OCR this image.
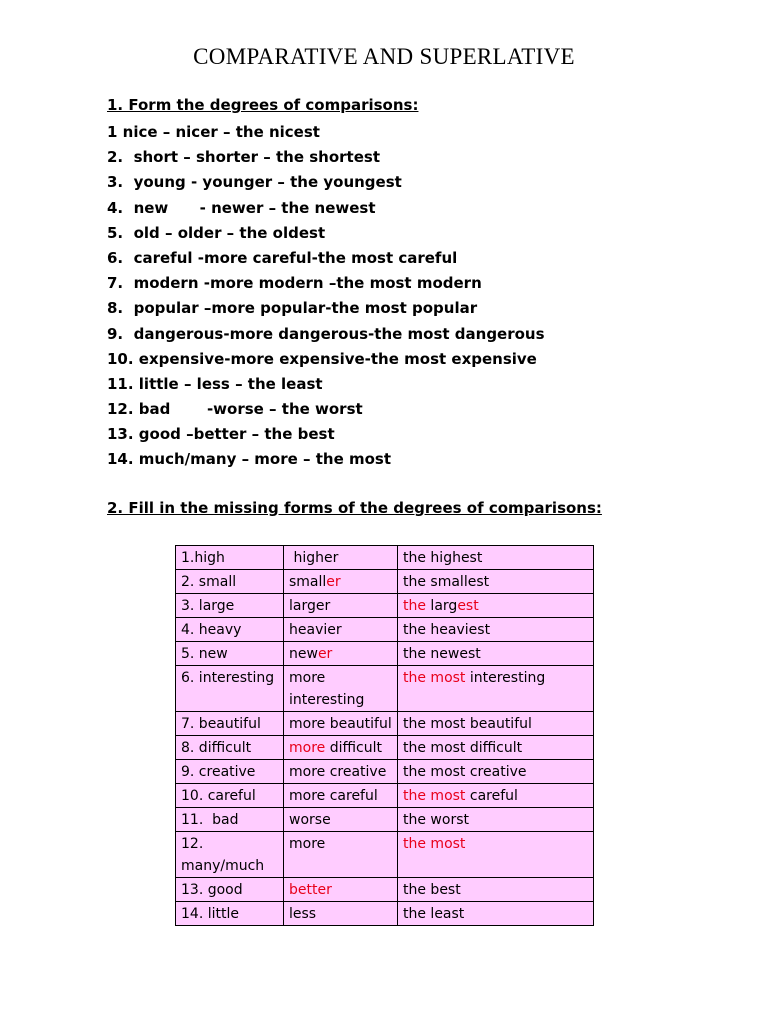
COMPARATIVE AND SUPERLATIVE
1. Form the degrees of comparisons:
1 nice – nicer – the nicest
2.  short – shorter – the shortest
3.  young - younger – the youngest
4.  new      - newer – the newest
5.  old – older – the oldest
6.  careful -more careful-the most careful
7.  modern -more modern –the most modern
8.  popular –more popular-the most popular
9.  dangerous-more dangerous-the most dangerous
10. expensive-more expensive-the most expensive
11. little – less – the least
12. bad       -worse – the worst
13. good –better – the best
14. much/many – more – the most
2. Fill in the missing forms of the degrees of comparisons:
1.high	higher	the highest
2. small	smaller	the smallest
3. large	larger	the largest
4. heavy	heavier	the heaviest
5. new	newer	the newest
6. interesting	more interesting	the most interesting
7. beautiful	more beautiful	the most beautiful
8. difficult	more difficult	the most difficult
9. creative	more creative	the most creative
10. careful	more careful	the most careful
11.  bad	worse	the worst
12. many/much	more	the most
13. good	better	the best
14. little	less	the least
